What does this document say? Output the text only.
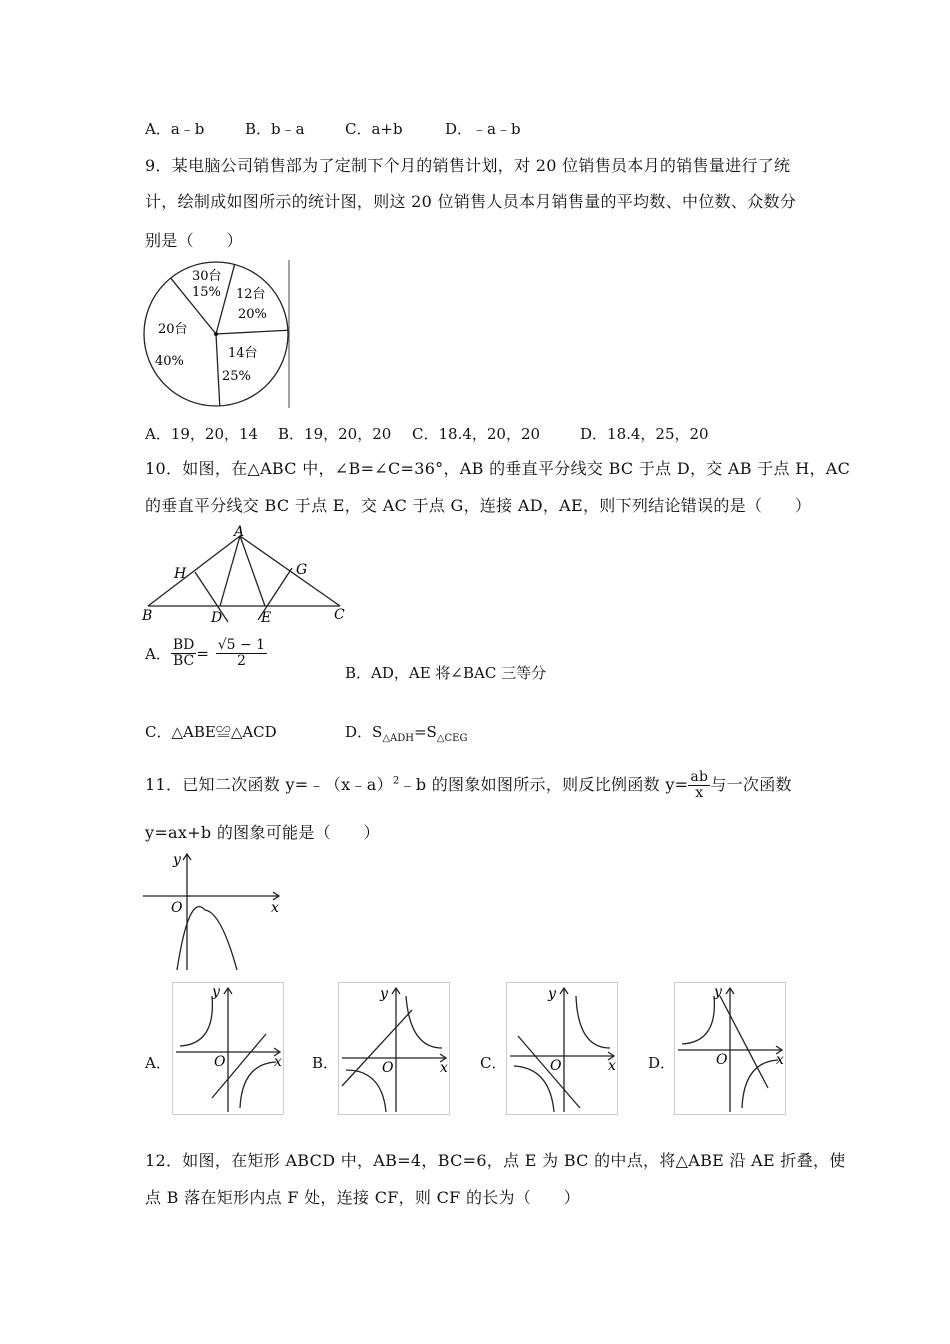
A．a﹣b	B．b﹣a	C．a+b	D．﹣a﹣b
9．某电脑公司销售部为了定制下个月的销售计划，对 20 位销售员本月的销售量进行了统
计，绘制成如图所示的统计图，则这 20 位销售人员本月销售量的平均数、中位数、众数分
别是（　　）
30台
15% 12台
20%
14台
25%
20台
40%
A．19，20，14 B．19，20，20 C．18.4，20，20	D．18.4，25，20
10．如图，在△ABC 中，∠B=∠C=36°，AB 的垂直平分线交 BC 于点 D，交 AB 于点 H，AC
的垂直平分线交 BC 于点 E，交 AC 于点 G，连接 AD，AE，则下列结论错误的是（　　）
A
B	C
D	E
H	G
A． $\frac{BD}{BC} = \frac{√5 - 1}{2}$
B．AD，AE 将∠BAC 三等分
C．△ABE≌△ACD	D．$S_{\triangle ADH}=S_{\triangle CEG}$
11．已知二次函数 y=﹣（x﹣a）$^2$﹣b 的图象如图所示，则反比例函数 $y= \frac{ab}{x}$ 与一次函数
y=ax+b 的图象可能是（　　）
y
x
O
A．
y
x
O	B．
y
x
O	C．
y
x
O	D．
y
x
O
12．如图，在矩形 ABCD 中，AB=4，BC=6，点 E 为 BC 的中点，将△ABE 沿 AE 折叠，使
点 B 落在矩形内点 F 处，连接 CF，则 CF 的长为（　　）
